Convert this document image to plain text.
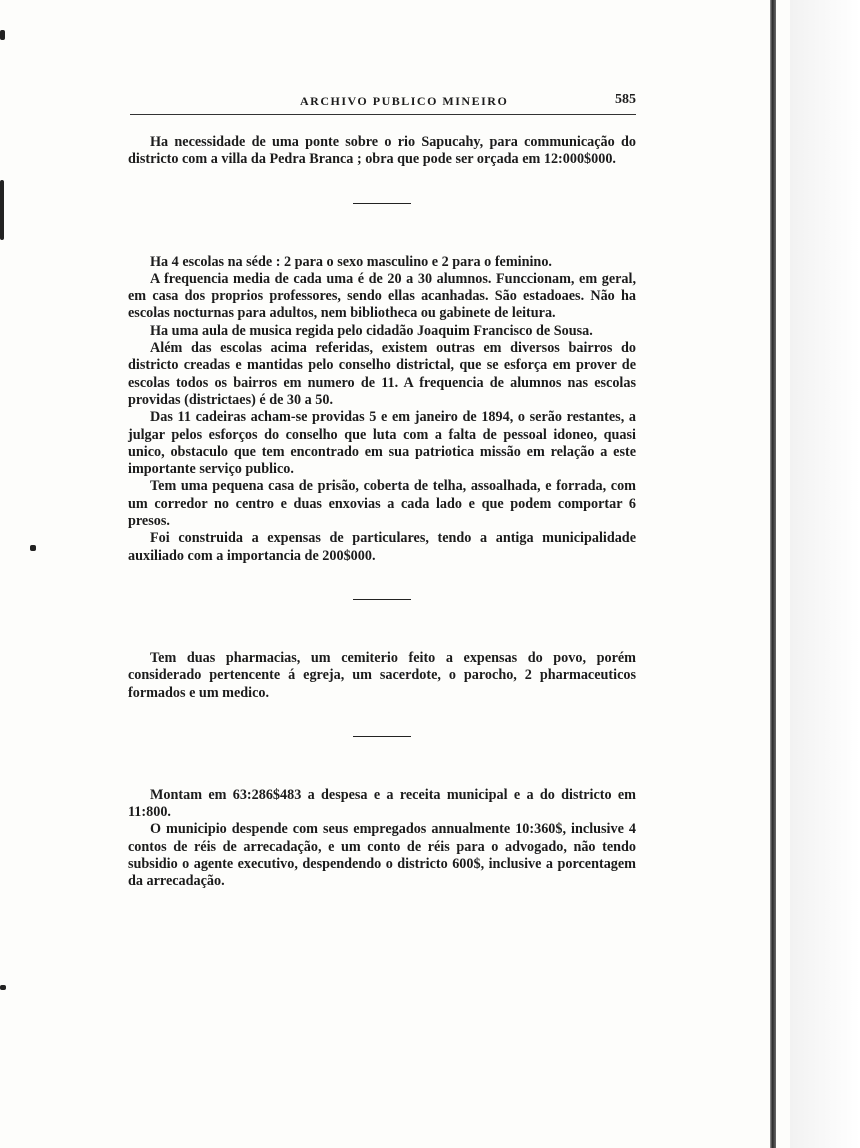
ARCHIVO PUBLICO MINEIRO	585

Ha necessidade de uma ponte sobre o rio Sapucahy, para communicação do districto com a villa da Pedra Branca ; obra que pode ser orçada em 12:000$000.

Ha 4 escolas na séde : 2 para o sexo masculino e 2 para o feminino.

A frequencia media de cada uma é de 20 a 30 alumnos. Funccionam, em geral, em casa dos proprios professores, sendo ellas acanhadas. São estadoaes. Não ha escolas nocturnas para adultos, nem bibliotheca ou gabinete de leitura.

Ha uma aula de musica regida pelo cidadão Joaquim Francisco de Sousa.

Além das escolas acima referidas, existem outras em diversos bairros do districto creadas e mantidas pelo conselho districtal, que se esforça em prover de escolas todos os bairros em numero de 11. A frequencia de alumnos nas escolas providas (districtaes) é de 30 a 50.

Das 11 cadeiras acham-se providas 5 e em janeiro de 1894, o serão restantes, a julgar pelos esforços do conselho que luta com a falta de pessoal idoneo, quasi unico, obstaculo que tem encontrado em sua patriotica missão em relação a este importante serviço publico.

Tem uma pequena casa de prisão, coberta de telha, assoalhada, e forrada, com um corredor no centro e duas enxovias a cada lado e que podem comportar 6 presos.

Foi construida a expensas de particulares, tendo a antiga municipalidade auxiliado com a importancia de 200$000.

Tem duas pharmacias, um cemiterio feito a expensas do povo, porém considerado pertencente á egreja, um sacerdote, o parocho, 2 pharmaceuticos formados e um medico.

Montam em 63:286$483 a despesa e a receita municipal e a do districto em 11:800.

O municipio despende com seus empregados annualmente 10:360$, inclusive 4 contos de réis de arrecadação, e um conto de réis para o advogado, não tendo subsidio o agente executivo, despendendo o districto 600$, inclusive a porcentagem da arrecadação.
